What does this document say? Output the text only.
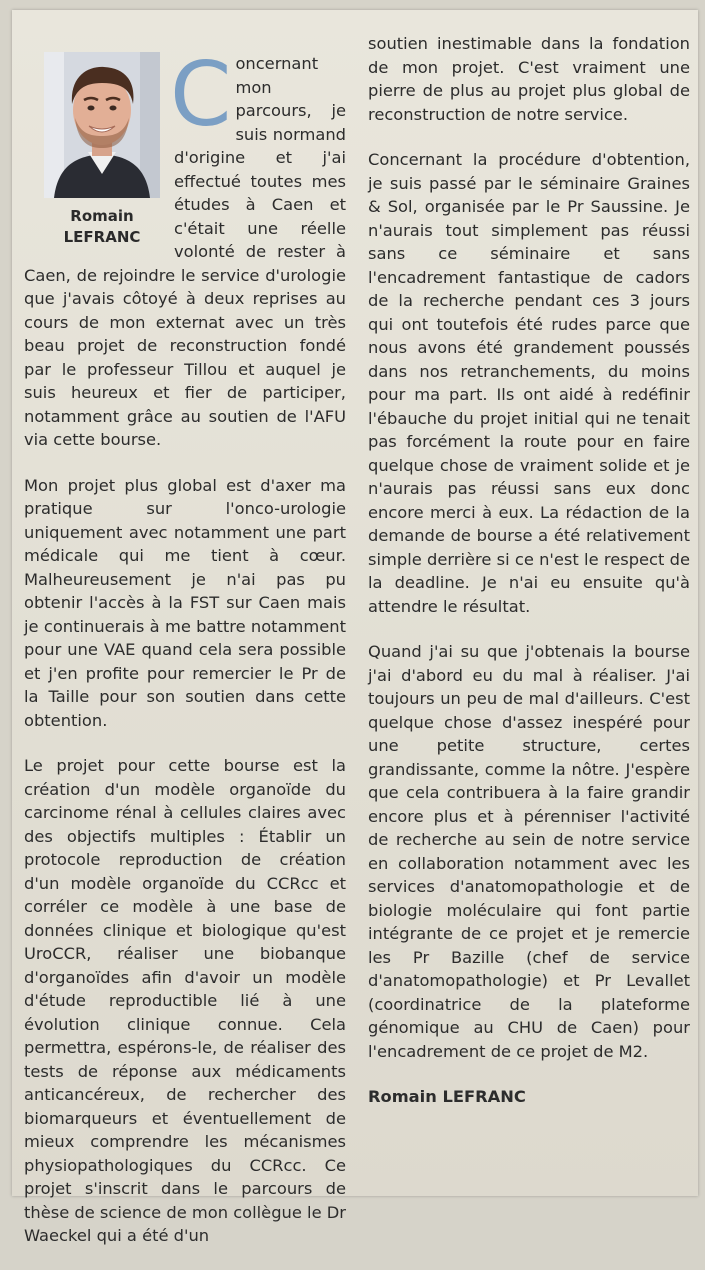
Romain
LEFRANC

Concernant mon parcours, je suis normand d'origine et j'ai effectué toutes mes études à Caen et c'était une réelle volonté de rester à Caen, de rejoindre le service d'urologie que j'avais côtoyé à deux reprises au cours de mon externat avec un très beau projet de reconstruction fondé par le professeur Tillou et auquel je suis heureux et fier de participer, notamment grâce au soutien de l'AFU via cette bourse.

Mon projet plus global est d'axer ma pratique sur l'onco-urologie uniquement avec notamment une part médicale qui me tient à cœur. Malheureusement je n'ai pas pu obtenir l'accès à la FST sur Caen mais je continuerais à me battre notamment pour une VAE quand cela sera possible et j'en profite pour remercier le Pr de la Taille pour son soutien dans cette obtention.

Le projet pour cette bourse est la création d'un modèle organoïde du carcinome rénal à cellules claires avec des objectifs multiples : Établir un protocole reproduction de création d'un modèle organoïde du CCRcc et corréler ce modèle à une base de données clinique et biologique qu'est UroCCR, réaliser une biobanque d'organoïdes afin d'avoir un modèle d'étude reproductible lié à une évolution clinique connue. Cela permettra, espérons-le, de réaliser des tests de réponse aux médicaments anticancéreux, de rechercher des biomarqueurs et éventuellement de mieux comprendre les mécanismes physiopathologiques du CCRcc. Ce projet s'inscrit dans le parcours de thèse de science de mon collègue le Dr Waeckel qui a été d'un

soutien inestimable dans la fondation de mon projet. C'est vraiment une pierre de plus au projet plus global de reconstruction de notre service.

Concernant la procédure d'obtention, je suis passé par le séminaire Graines & Sol, organisée par le Pr Saussine. Je n'aurais tout simplement pas réussi sans ce séminaire et sans l'encadrement fantastique de cadors de la recherche pendant ces 3 jours qui ont toutefois été rudes parce que nous avons été grandement poussés dans nos retranchements, du moins pour ma part. Ils ont aidé à redéfinir l'ébauche du projet initial qui ne tenait pas forcément la route pour en faire quelque chose de vraiment solide et je n'aurais pas réussi sans eux donc encore merci à eux. La rédaction de la demande de bourse a été relativement simple derrière si ce n'est le respect de la deadline. Je n'ai eu ensuite qu'à attendre le résultat.

Quand j'ai su que j'obtenais la bourse j'ai d'abord eu du mal à réaliser. J'ai toujours un peu de mal d'ailleurs. C'est quelque chose d'assez inespéré pour une petite structure, certes grandissante, comme la nôtre. J'espère que cela contribuera à la faire grandir encore plus et à pérenniser l'activité de recherche au sein de notre service en collaboration notamment avec les services d'anatomopathologie et de biologie moléculaire qui font partie intégrante de ce projet et je remercie les Pr Bazille (chef de service d'anatomopathologie) et Pr Levallet (coordinatrice de la plateforme génomique au CHU de Caen) pour l'encadrement de ce projet de M2.

Romain LEFRANC
